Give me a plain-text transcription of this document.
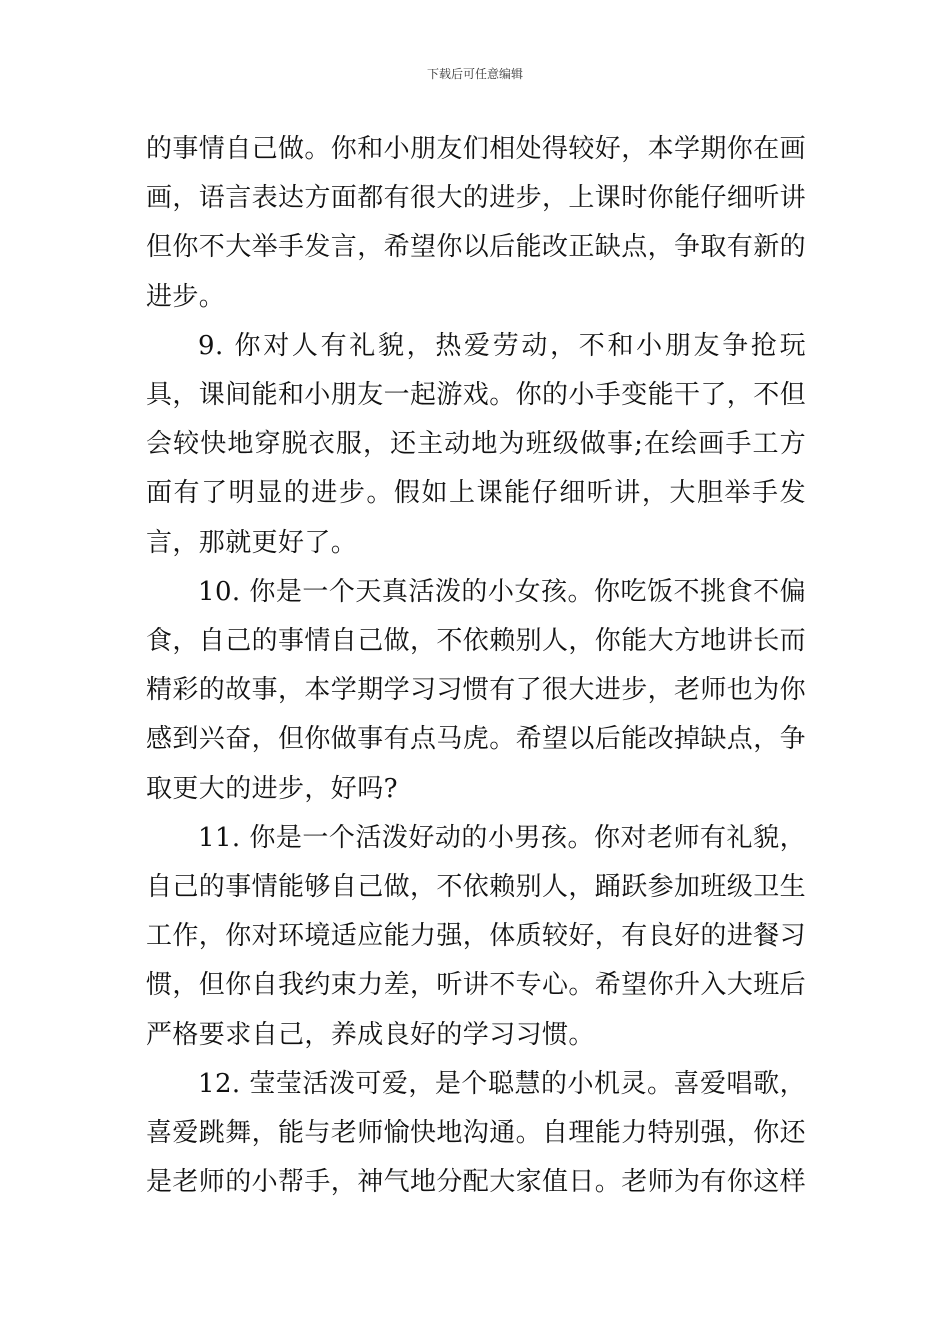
下载后可任意编辑

的事情自己做。你和小朋友们相处得较好，本学期你在画画，语言表达方面都有很大的进步，上课时你能仔细听讲但你不大举手发言，希望你以后能改正缺点，争取有新的进步。

9. 你对人有礼貌，热爱劳动，不和小朋友争抢玩具，课间能和小朋友一起游戏。你的小手变能干了，不但会较快地穿脱衣服，还主动地为班级做事;在绘画手工方面有了明显的进步。假如上课能仔细听讲，大胆举手发言，那就更好了。

10. 你是一个天真活泼的小女孩。你吃饭不挑食不偏食，自己的事情自己做，不依赖别人，你能大方地讲长而精彩的故事，本学期学习习惯有了很大进步，老师也为你感到兴奋，但你做事有点马虎。希望以后能改掉缺点，争取更大的进步，好吗?

11. 你是一个活泼好动的小男孩。你对老师有礼貌，自己的事情能够自己做，不依赖别人，踊跃参加班级卫生工作，你对环境适应能力强，体质较好，有良好的进餐习惯，但你自我约束力差，听讲不专心。希望你升入大班后严格要求自己，养成良好的学习习惯。

12. 莹莹活泼可爱，是个聪慧的小机灵。喜爱唱歌，喜爱跳舞，能与老师愉快地沟通。自理能力特别强，你还是老师的小帮手，神气地分配大家值日。老师为有你这样
